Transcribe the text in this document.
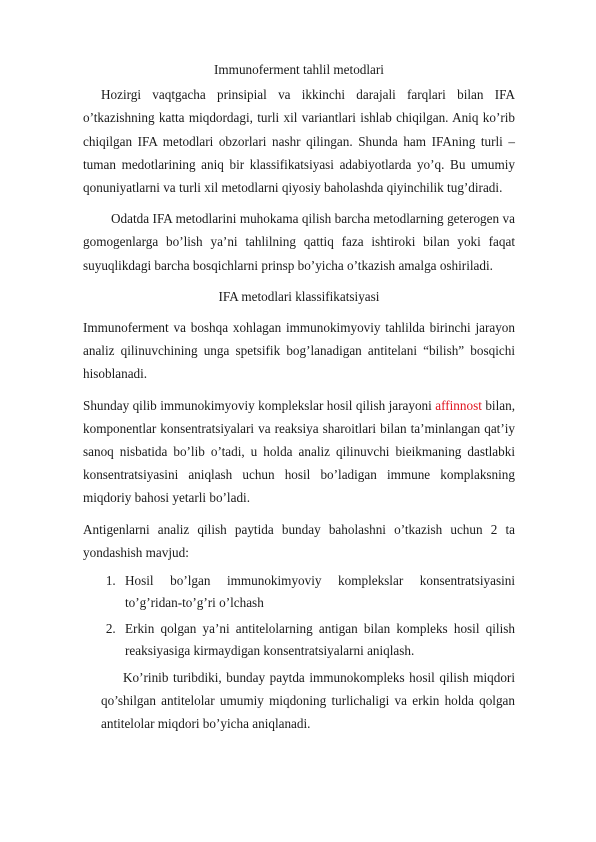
Immunoferment tahlil metodlari

Hozirgi vaqtgacha prinsipial va ikkinchi darajali farqlari bilan IFA o’tkazishning katta miqdordagi, turli xil variantlari ishlab chiqilgan. Aniq ko’rib chiqilgan IFA metodlari obzorlari nashr qilingan. Shunda ham IFAning turli – tuman medotlarining aniq bir klassifikatsiyasi adabiyotlarda yo’q. Bu umumiy qonuniyatlarni va turli xil metodlarni qiyosiy baholashda qiyinchilik tug’diradi.

Odatda IFA metodlarini muhokama qilish barcha metodlarning geterogen va gomogenlarga bo’lish ya’ni tahlilning qattiq faza ishtiroki bilan yoki faqat suyuqlikdagi barcha bosqichlarni prinsp bo’yicha o’tkazish amalga oshiriladi.

IFA metodlari klassifikatsiyasi

Immunoferment va boshqa xohlagan immunokimyoviy tahlilda birinchi jarayon analiz qilinuvchining unga spetsifik bog’lanadigan antitelani “bilish” bosqichi hisoblanadi.

Shunday qilib immunokimyoviy komplekslar hosil qilish jarayoni affinnost bilan, komponentlar konsentratsiyalari va reaksiya sharoitlari bilan ta’minlangan qat’iy sanoq nisbatida bo’lib o’tadi, u holda analiz qilinuvchi bieikmaning dastlabki konsentratsiyasini aniqlash uchun hosil bo’ladigan immune komplaksning miqdoriy bahosi yetarli bo’ladi.

Antigenlarni analiz qilish paytida bunday baholashni o’tkazish uchun 2 ta yondashish mavjud:

1. Hosil bo’lgan immunokimyoviy komplekslar konsentratsiyasini to’g’ridan-to’g’ri o’lchash
2. Erkin qolgan ya’ni antitelolarning antigan bilan kompleks hosil qilish reaksiyasiga kirmaydigan konsentratsiyalarni aniqlash.

Ko’rinib turibdiki, bunday paytda immunokompleks hosil qilish miqdori qo’shilgan antitelolar umumiy miqdoning turlichaligi va erkin holda qolgan antitelolar miqdori bo’yicha aniqlanadi.
